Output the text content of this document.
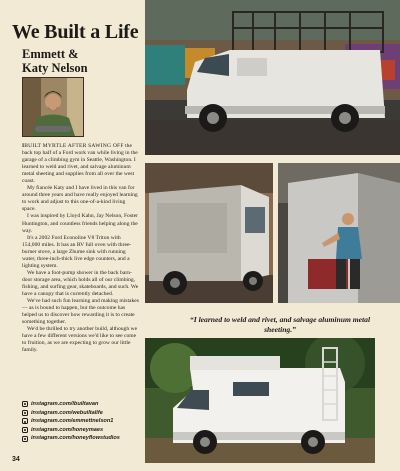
We Built a Life
Emmett &
Katy Nelson

IBUILT MYRTLE AFTER SAWING OFF the back top half of a Ford work van while living in the garage of a climbing gym in Seattle, Washington. I learned to weld and rivet, and salvage aluminum metal sheeting and supplies from all over the west coast.

My fiancée Katy and I have lived in this van for around three years and have really enjoyed learning to work and adjust to this one-of-a-kind living space.

I was inspired by Lloyd Kahn, Jay Nelson, Foster Huntington, and countless friends helping along the way.

It's a 2002 Ford Econoline V8 Triton with 154,000 miles. It has an RV full oven with three-burner stove, a large Zhume sink with running water, three-inch-thick live edge counters, and a lighting system.

We have a foot-pump shower in the back barn-door storage area, which holds all of our climbing, fishing, and surfing gear, skateboards, and such. We have a canopy that is currently detached.

We've had such fun learning and making mistakes — as is bound to happen, but the outcome has helped us to discover how rewarding it is to create something together.

We'd be thrilled to try another build, although we have a few different versions we'd like to see come to fruition, as we are expecting to grow our little family.

instagram.com/ibuiltavan
instagram.com/webuiltalife
instagram.com/emmettnelson1
instagram.com/honeymaes
instagram.com/honeyflowstudios
34

“I learned to weld and rivet, and salvage aluminum metal sheeting.”
